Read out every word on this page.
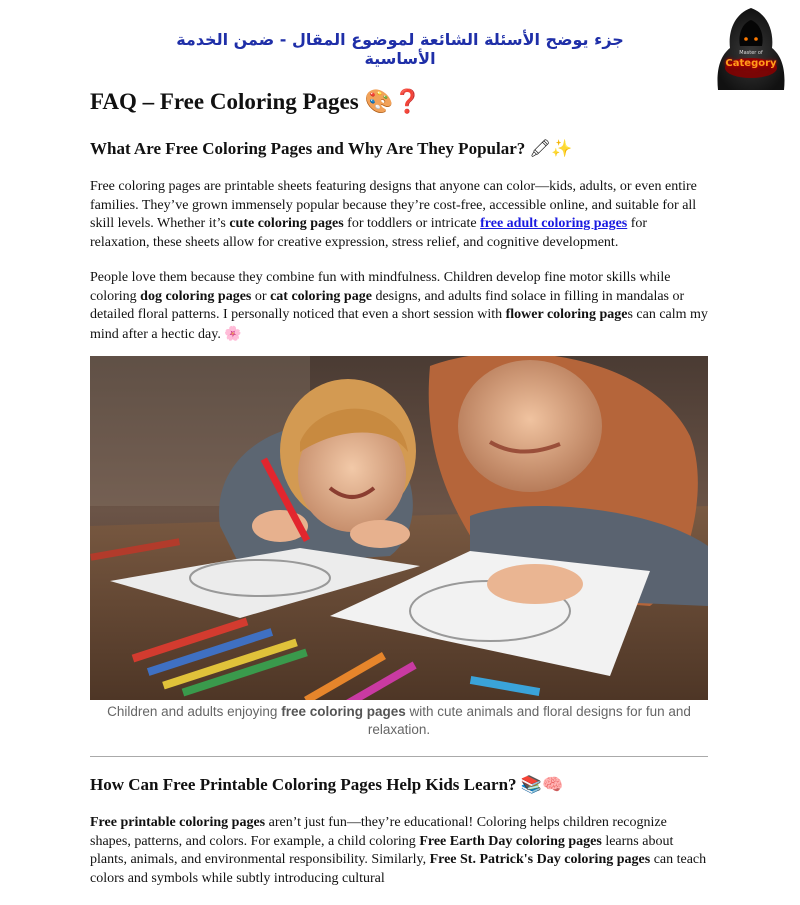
جزء يوضح الأسئلة الشائعة لموضوع المقال - ضمن الخدمة الأساسية	Master of
Category
FAQ – Free Coloring Pages 🎨❓
What Are Free Coloring Pages and Why Are They Popular? 🖍✨

Free coloring pages are printable sheets featuring designs that anyone can color—kids, adults, or even entire families. They’ve grown immensely popular because they’re cost-free, accessible online, and suitable for all skill levels. Whether it’s cute coloring pages for toddlers or intricate free adult coloring pages for relaxation, these sheets allow for creative expression, stress relief, and cognitive development.

People love them because they combine fun with mindfulness. Children develop fine motor skills while coloring dog coloring pages or cat coloring page designs, and adults find solace in filling in mandalas or detailed floral patterns. I personally noticed that even a short session with flower coloring pages can calm my mind after a hectic day. 🌸

Children and adults enjoying free coloring pages with cute animals and floral designs for fun and relaxation.
How Can Free Printable Coloring Pages Help Kids Learn? 📚🧠

Free printable coloring pages aren’t just fun—they’re educational! Coloring helps children recognize shapes, patterns, and colors. For example, a child coloring Free Earth Day coloring pages learns about plants, animals, and environmental responsibility. Similarly, Free St. Patrick's Day coloring pages can teach colors and symbols while subtly introducing cultural
